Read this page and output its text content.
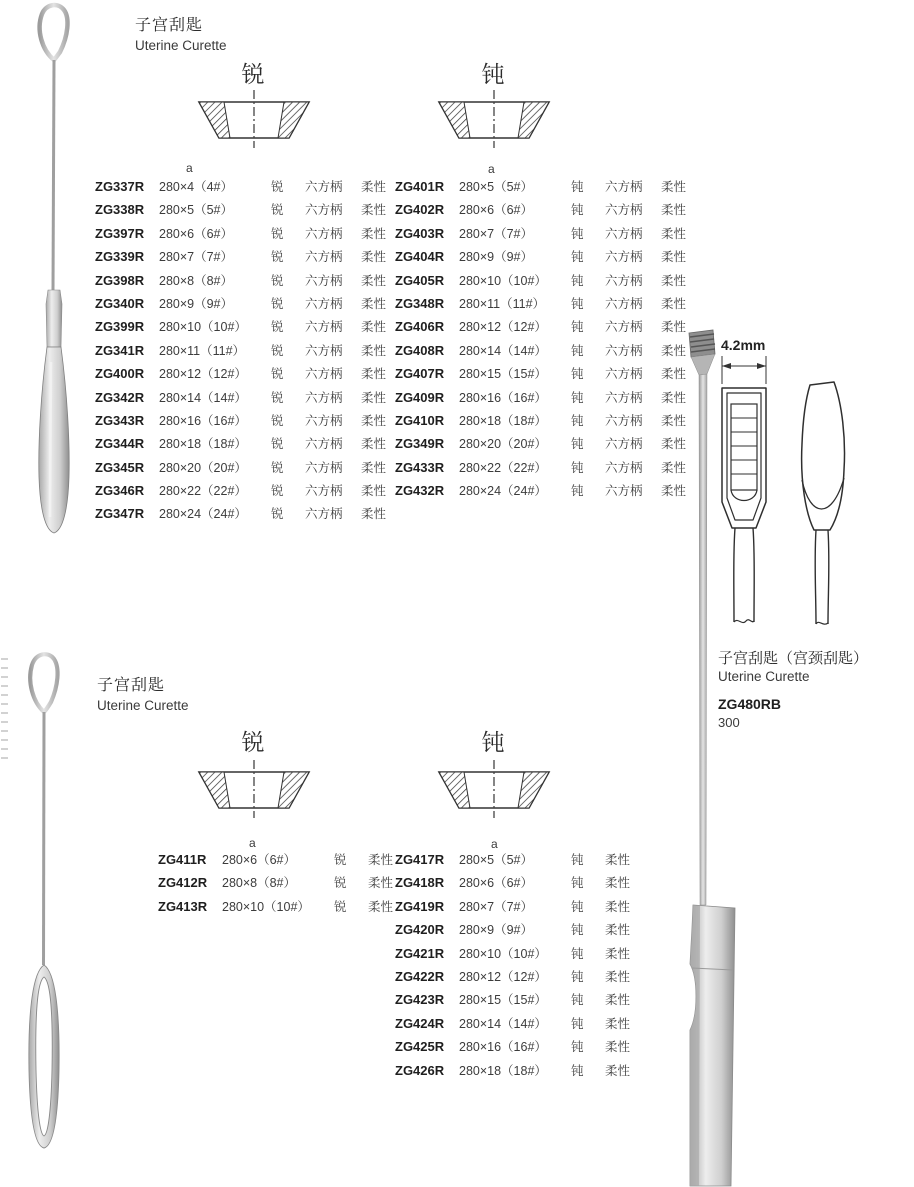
子宫刮匙
Uterine Curette
锐	钝
a	a
ZG337R	280×4（4#）	锐	六方柄	柔性
ZG338R	280×5（5#）	锐	六方柄	柔性
ZG397R	280×6（6#）	锐	六方柄	柔性
ZG339R	280×7（7#）	锐	六方柄	柔性
ZG398R	280×8（8#）	锐	六方柄	柔性
ZG340R	280×9（9#）	锐	六方柄	柔性
ZG399R	280×10（10#）	锐	六方柄	柔性
ZG341R	280×11（11#）	锐	六方柄	柔性
ZG400R	280×12（12#）	锐	六方柄	柔性
ZG342R	280×14（14#）	锐	六方柄	柔性
ZG343R	280×16（16#）	锐	六方柄	柔性
ZG344R	280×18（18#）	锐	六方柄	柔性
ZG345R	280×20（20#）	锐	六方柄	柔性
ZG346R	280×22（22#）	锐	六方柄	柔性
ZG347R	280×24（24#）	锐	六方柄	柔性
ZG401R	280×5（5#）	钝	六方柄	柔性
ZG402R	280×6（6#）	钝	六方柄	柔性
ZG403R	280×7（7#）	钝	六方柄	柔性
ZG404R	280×9（9#）	钝	六方柄	柔性
ZG405R	280×10（10#）	钝	六方柄	柔性
ZG348R	280×11（11#）	钝	六方柄	柔性
ZG406R	280×12（12#）	钝	六方柄	柔性
ZG408R	280×14（14#）	钝	六方柄	柔性
ZG407R	280×15（15#）	钝	六方柄	柔性
ZG409R	280×16（16#）	钝	六方柄	柔性
ZG410R	280×18（18#）	钝	六方柄	柔性
ZG349R	280×20（20#）	钝	六方柄	柔性
ZG433R	280×22（22#）	钝	六方柄	柔性
ZG432R	280×24（24#）	钝	六方柄	柔性
4.2mm
子宫刮匙（宫颈刮匙）
Uterine Curette
ZG480RB
300
子宫刮匙
Uterine Curette
锐	钝
a	a
ZG411R	280×6（6#）	锐	柔性
ZG412R	280×8（8#）	锐	柔性
ZG413R	280×10（10#）	锐	柔性
ZG417R	280×5（5#）	钝	柔性
ZG418R	280×6（6#）	钝	柔性
ZG419R	280×7（7#）	钝	柔性
ZG420R	280×9（9#）	钝	柔性
ZG421R	280×10（10#）	钝	柔性
ZG422R	280×12（12#）	钝	柔性
ZG423R	280×15（15#）	钝	柔性
ZG424R	280×14（14#）	钝	柔性
ZG425R	280×16（16#）	钝	柔性
ZG426R	280×18（18#）	钝	柔性
